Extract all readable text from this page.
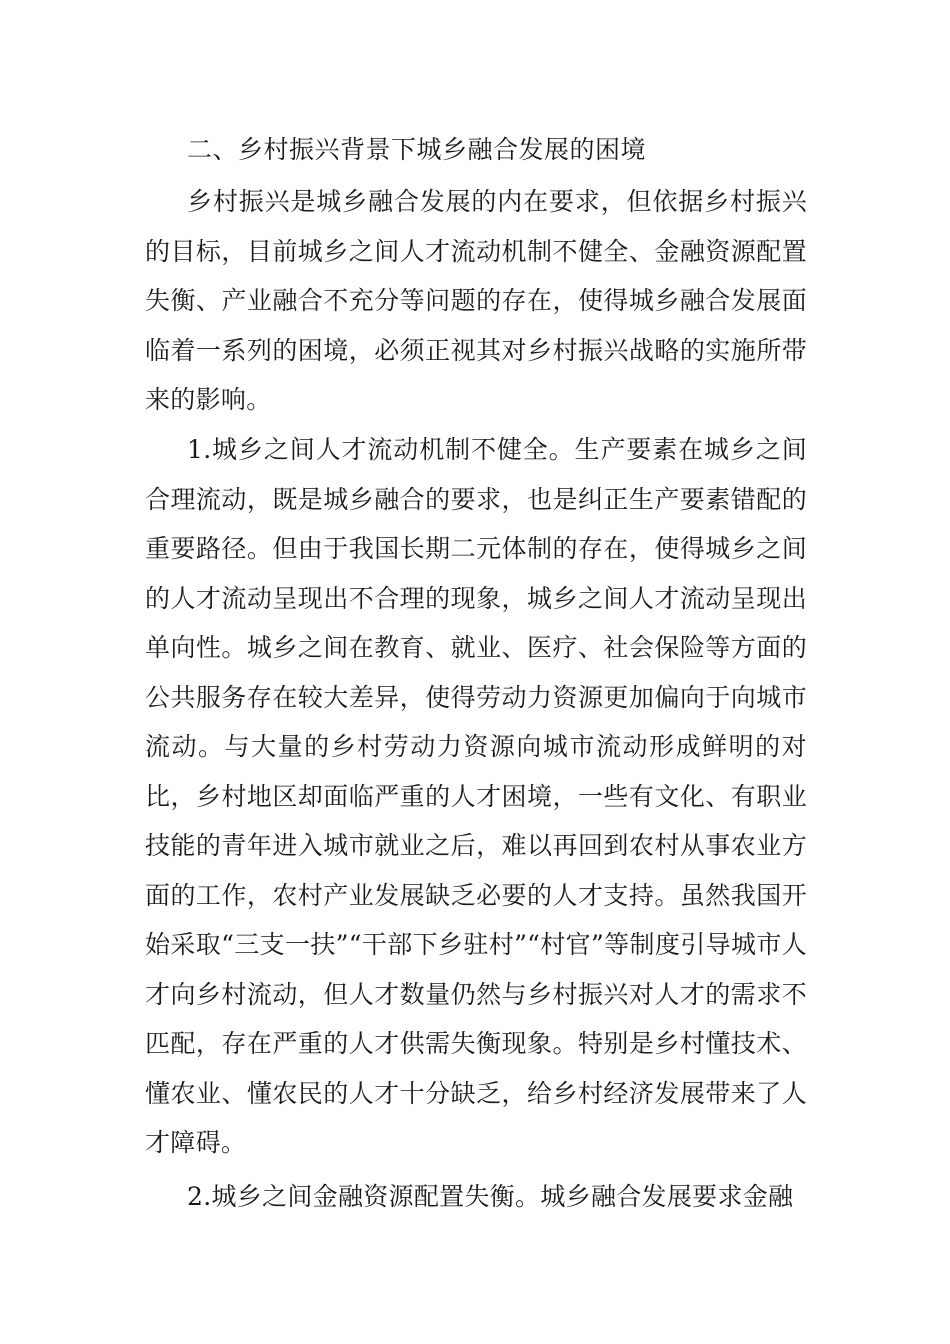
二、乡村振兴背景下城乡融合发展的困境

乡村振兴是城乡融合发展的内在要求，但依据乡村振兴的目标，目前城乡之间人才流动机制不健全、金融资源配置失衡、产业融合不充分等问题的存在，使得城乡融合发展面临着一系列的困境，必须正视其对乡村振兴战略的实施所带来的影响。

1.城乡之间人才流动机制不健全。生产要素在城乡之间合理流动，既是城乡融合的要求，也是纠正生产要素错配的重要路径。但由于我国长期二元体制的存在，使得城乡之间的人才流动呈现出不合理的现象，城乡之间人才流动呈现出单向性。城乡之间在教育、就业、医疗、社会保险等方面的公共服务存在较大差异，使得劳动力资源更加偏向于向城市流动。与大量的乡村劳动力资源向城市流动形成鲜明的对比，乡村地区却面临严重的人才困境，一些有文化、有职业技能的青年进入城市就业之后，难以再回到农村从事农业方面的工作，农村产业发展缺乏必要的人才支持。虽然我国开始采取“三支一扶”“干部下乡驻村”“村官”等制度引导城市人才向乡村流动，但人才数量仍然与乡村振兴对人才的需求不匹配，存在严重的人才供需失衡现象。特别是乡村懂技术、懂农业、懂农民的人才十分缺乏，给乡村经济发展带来了人才障碍。

2.城乡之间金融资源配置失衡。城乡融合发展要求金融
